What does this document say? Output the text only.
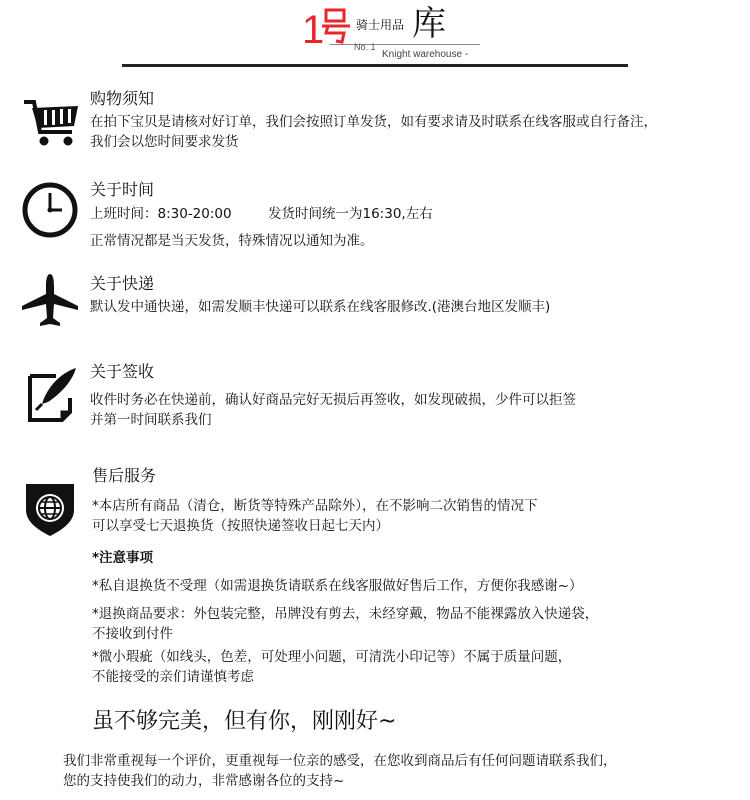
1	骑士用品 库
No. 1
Knight warehouse -
购物须知
在拍下宝贝是请核对好订单，我们会按照订单发货，如有要求请及时联系在线客服或自行备注，
我们会以您时间要求发货
关于时间
上班时间：8:30-20:00	发货时间统一为16:30,左右
正常情况都是当天发货，特殊情况以通知为准。
关于快递
默认发中通快递，如需发顺丰快递可以联系在线客服修改.(港澳台地区发顺丰)
关于签收
收件时务必在快递前，确认好商品完好无损后再签收，如发现破损，少件可以拒签
并第一时间联系我们
售后服务
*本店所有商品（清仓，断货等特殊产品除外），在不影响二次销售的情况下
可以享受七天退换货（按照快递签收日起七天内）
*注意事项
*私自退换货不受理（如需退换货请联系在线客服做好售后工作，方便你我感谢~）
*退换商品要求：外包装完整，吊牌没有剪去，未经穿戴，物品不能裸露放入快递袋，
不接收到付件
*微小瑕疵（如线头，色差，可处理小问题，可清洗小印记等）不属于质量问题，
不能接受的亲们请谨慎考虑
虽不够完美，但有你，刚刚好~
我们非常重视每一个评价，更重视每一位亲的感受，在您收到商品后有任何问题请联系我们，
您的支持使我们的动力，非常感谢各位的支持~
